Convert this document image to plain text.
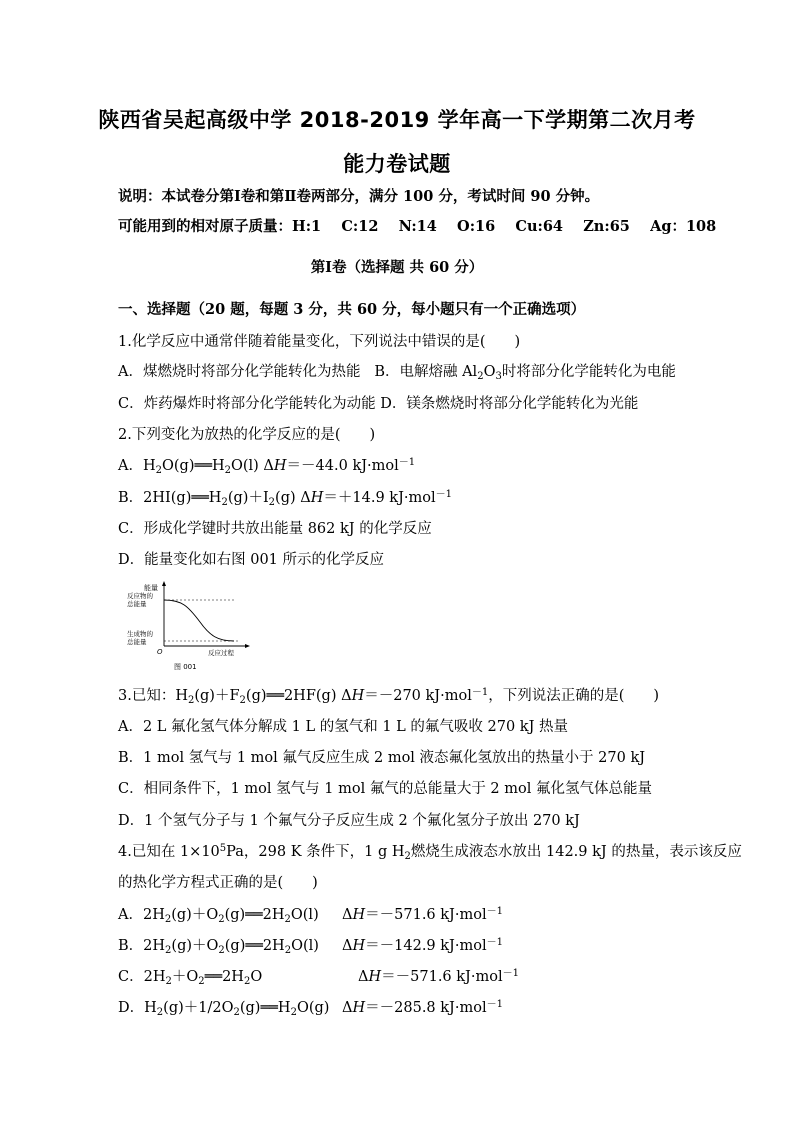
陕西省吴起高级中学 2018-2019 学年高一下学期第二次月考
能力卷试题
说明：本试卷分第Ⅰ卷和第Ⅱ卷两部分，满分 100 分，考试时间 90 分钟。
可能用到的相对原子质量：H:1    C:12    N:14    O:16    Cu:64    Zn:65    Ag：108
第Ⅰ卷（选择题 共 60 分）
一、选择题（20 题，每题 3 分，共 60 分，每小题只有一个正确选项）
1.化学反应中通常伴随着能量变化，下列说法中错误的是(　　)
A．煤燃烧时将部分化学能转化为热能 B．电解熔融 $Al_2O_3$时将部分化学能转化为电能
C．炸药爆炸时将部分化学能转化为动能 D．镁条燃烧时将部分化学能转化为光能
2.下列变化为放热的化学反应的是(　　)
A．$H_2O(g)══H_2O(l)$ ΔH＝－44.0 kJ·mol$^{-1}$
B．$2HI(g)══H_2(g)+I_2(g)$ ΔH＝＋14.9 kJ·mol$^{-1}$
C．形成化学键时共放出能量 862 kJ 的化学反应
D．能量变化如右图 001 所示的化学反应
能量
反应物的
总能量
生成物的
总能量
O	反应过程
图 001
3.已知：$H_2(g)+F_2(g)══2HF(g)$ ΔH＝－270 kJ·mol$^{-1}$，下列说法正确的是(　　)
A．2 L 氟化氢气体分解成 1 L 的氢气和 1 L 的氟气吸收 270 kJ 热量
B．1 mol 氢气与 1 mol 氟气反应生成 2 mol 液态氟化氢放出的热量小于 270 kJ
C．相同条件下，1 mol 氢气与 1 mol 氟气的总能量大于 2 mol 氟化氢气体总能量
D．1 个氢气分子与 1 个氟气分子反应生成 2 个氟化氢分子放出 270 kJ
4.已知在 $1\times 10^5Pa$，298 K 条件下，1 g $H_2$燃烧生成液态水放出 142.9 kJ 的热量，表示该反应
的热化学方程式正确的是(　　)
A．$2H_2(g)+O_2(g)══2H_2O(l)$ ΔH＝－571.6 kJ·mol$^{-1}$
B．$2H_2(g)+O_2(g)══2H_2O(l)$ ΔH＝－142.9 kJ·mol$^{-1}$
C．$2H_2+O_2══2H_2O$	ΔH＝－571.6 kJ·mol$^{-1}$
D．$H_2(g)+1/2O_2(g)══H_2O(g)$ ΔH＝－285.8 kJ·mol$^{-1}$
